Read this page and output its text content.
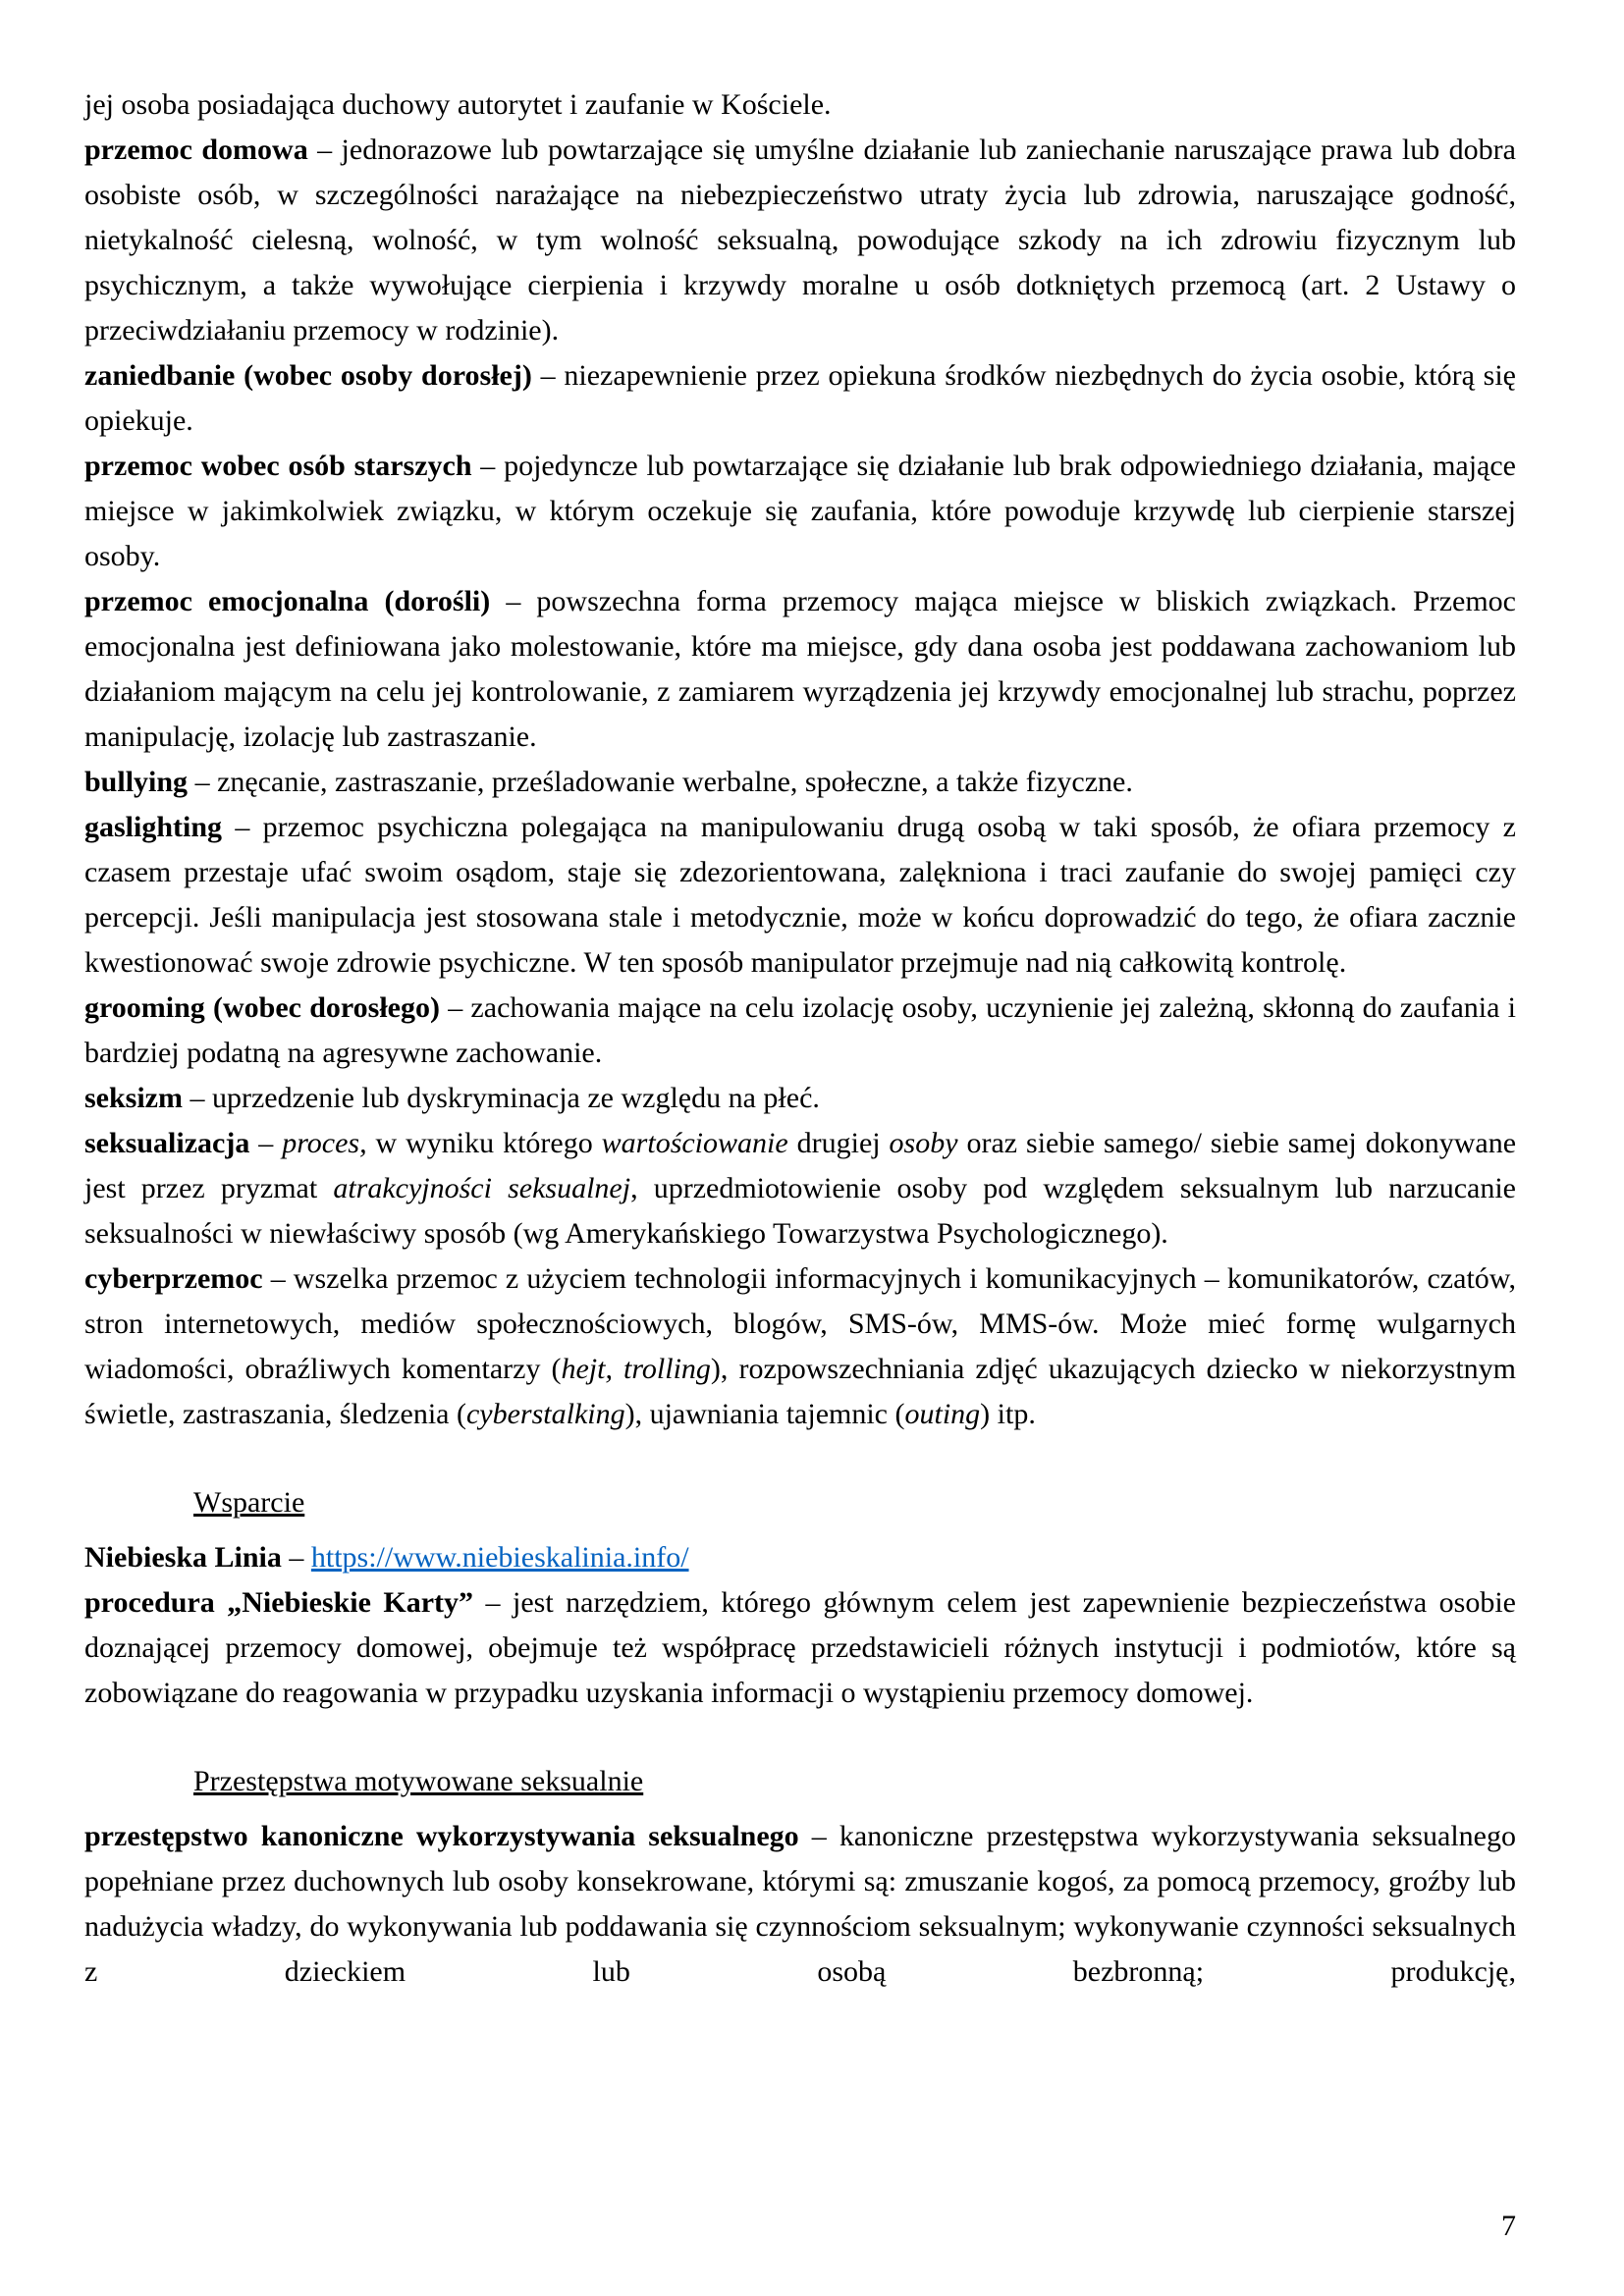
jej osoba posiadająca duchowy autorytet i zaufanie w Kościele.

przemoc domowa – jednorazowe lub powtarzające się umyślne działanie lub zaniechanie naruszające prawa lub dobra osobiste osób, w szczególności narażające na niebezpieczeństwo utraty życia lub zdrowia, naruszające godność, nietykalność cielesną, wolność, w tym wolność seksualną, powodujące szkody na ich zdrowiu fizycznym lub psychicznym, a także wywołujące cierpienia i krzywdy moralne u osób dotkniętych przemocą (art. 2 Ustawy o przeciwdziałaniu przemocy w rodzinie).

zaniedbanie (wobec osoby dorosłej) – niezapewnienie przez opiekuna środków niezbędnych do życia osobie, którą się opiekuje.

przemoc wobec osób starszych – pojedyncze lub powtarzające się działanie lub brak odpowiedniego działania, mające miejsce w jakimkolwiek związku, w którym oczekuje się zaufania, które powoduje krzywdę lub cierpienie starszej osoby.

przemoc emocjonalna (dorośli) – powszechna forma przemocy mająca miejsce w bliskich związkach. Przemoc emocjonalna jest definiowana jako molestowanie, które ma miejsce, gdy dana osoba jest poddawana zachowaniom lub działaniom mającym na celu jej kontrolowanie, z zamiarem wyrządzenia jej krzywdy emocjonalnej lub strachu, poprzez manipulację, izolację lub zastraszanie.

bullying – znęcanie, zastraszanie, prześladowanie werbalne, społeczne, a także fizyczne.

gaslighting – przemoc psychiczna polegająca na manipulowaniu drugą osobą w taki sposób, że ofiara przemocy z czasem przestaje ufać swoim osądom, staje się zdezorientowana, zalękniona i traci zaufanie do swojej pamięci czy percepcji. Jeśli manipulacja jest stosowana stale i metodycznie, może w końcu doprowadzić do tego, że ofiara zacznie kwestionować swoje zdrowie psychiczne. W ten sposób manipulator przejmuje nad nią całkowitą kontrolę.

grooming (wobec dorosłego) – zachowania mające na celu izolację osoby, uczynienie jej zależną, skłonną do zaufania i bardziej podatną na agresywne zachowanie.

seksizm – uprzedzenie lub dyskryminacja ze względu na płeć.

seksualizacja – proces, w wyniku którego wartościowanie drugiej osoby oraz siebie samego/ siebie samej dokonywane jest przez pryzmat atrakcyjności seksualnej, uprzedmiotowienie osoby pod względem seksualnym lub narzucanie seksualności w niewłaściwy sposób (wg Amerykańskiego Towarzystwa Psychologicznego).

cyberprzemoc – wszelka przemoc z użyciem technologii informacyjnych i komunikacyjnych – komunikatorów, czatów, stron internetowych, mediów społecznościowych, blogów, SMS-ów, MMS-ów. Może mieć formę wulgarnych wiadomości, obraźliwych komentarzy (hejt, trolling), rozpowszechniania zdjęć ukazujących dziecko w niekorzystnym świetle, zastraszania, śledzenia (cyberstalking), ujawniania tajemnic (outing) itp.

Wsparcie

Niebieska Linia – https://www.niebieskalinia.info/

procedura „Niebieskie Karty” – jest narzędziem, którego głównym celem jest zapewnienie bezpieczeństwa osobie doznającej przemocy domowej, obejmuje też współpracę przedstawicieli różnych instytucji i podmiotów, które są zobowiązane do reagowania w przypadku uzyskania informacji o wystąpieniu przemocy domowej.

Przestępstwa motywowane seksualnie

przestępstwo kanoniczne wykorzystywania seksualnego – kanoniczne przestępstwa wykorzystywania seksualnego popełniane przez duchownych lub osoby konsekrowane, którymi są: zmuszanie kogoś, za pomocą przemocy, groźby lub nadużycia władzy, do wykonywania lub poddawania się czynnościom seksualnym; wykonywanie czynności seksualnych z dzieckiem lub osobą bezbronną; produkcję,

7
